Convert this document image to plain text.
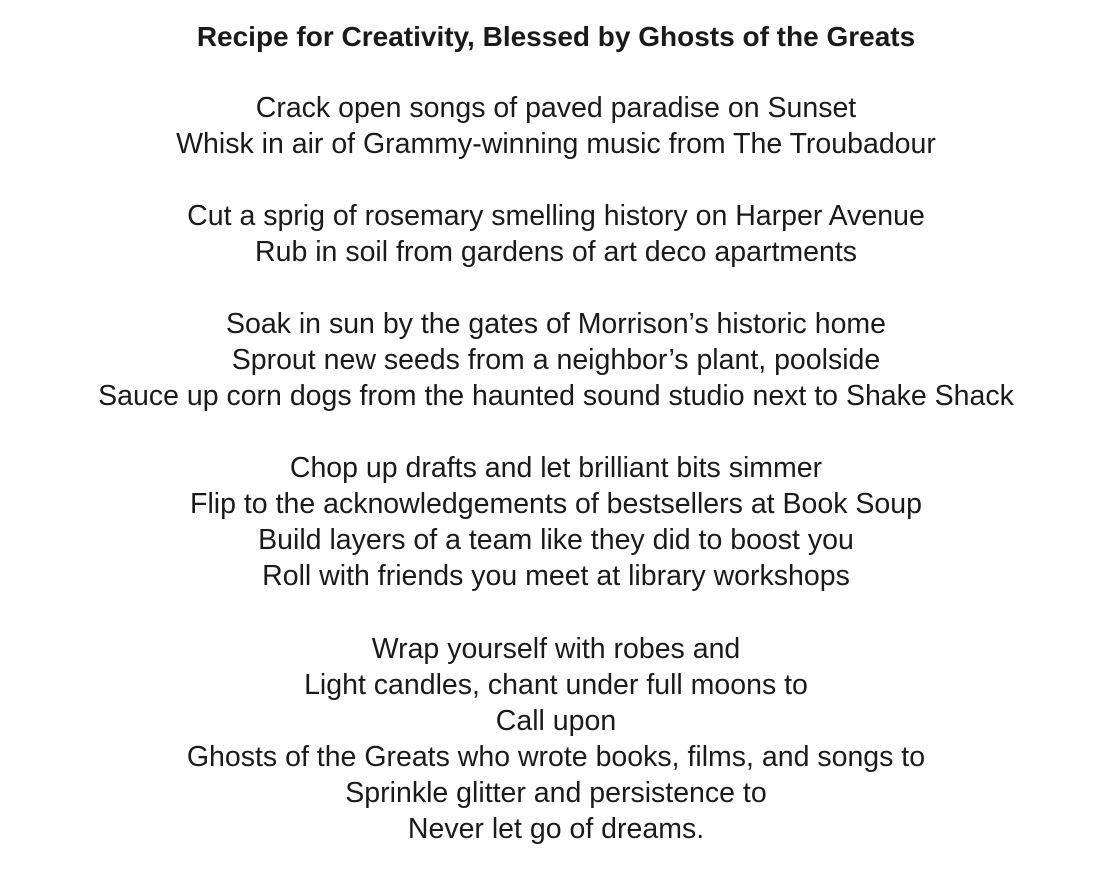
Recipe for Creativity, Blessed by Ghosts of the Greats
Crack open songs of paved paradise on Sunset
Whisk in air of Grammy-winning music from The Troubadour
Cut a sprig of rosemary smelling history on Harper Avenue
Rub in soil from gardens of art deco apartments
Soak in sun by the gates of Morrison’s historic home
Sprout new seeds from a neighbor’s plant, poolside
Sauce up corn dogs from the haunted sound studio next to Shake Shack
Chop up drafts and let brilliant bits simmer
Flip to the acknowledgements of bestsellers at Book Soup
Build layers of a team like they did to boost you
Roll with friends you meet at library workshops
Wrap yourself with robes and
Light candles, chant under full moons to
Call upon
Ghosts of the Greats who wrote books, films, and songs to
Sprinkle glitter and persistence to
Never let go of dreams.
